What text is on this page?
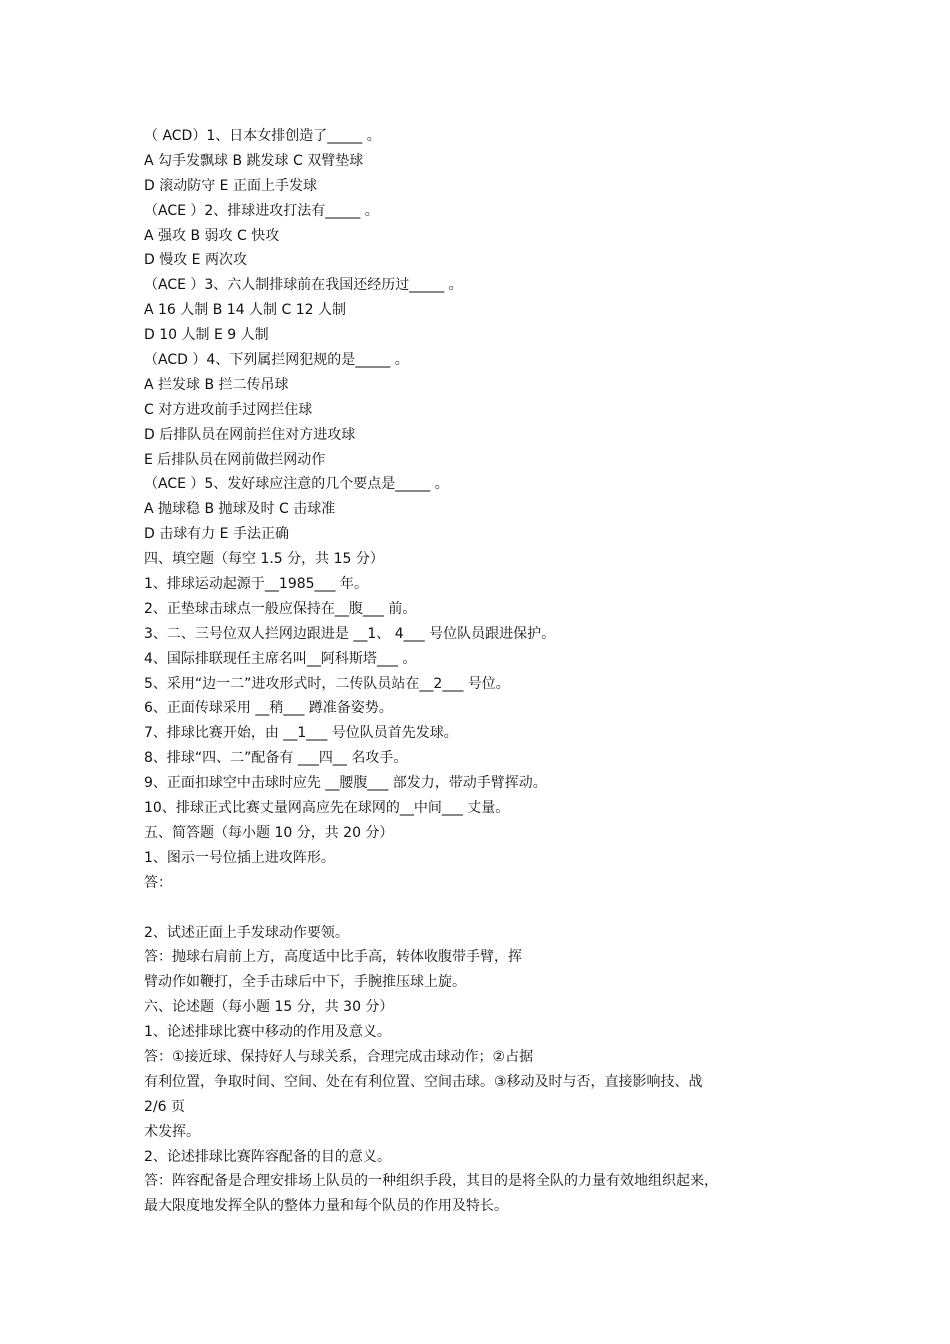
（ ACD）1、日本女排创造了_____ 。
A 勾手发飘球 B 跳发球 C 双臂垫球
D 滚动防守 E 正面上手发球
（ACE ）2、排球进攻打法有_____ 。
A 强攻 B 弱攻 C 快攻
D 慢攻 E 两次攻
（ACE ）3、六人制排球前在我国还经历过_____ 。
A 16 人制 B 14 人制 C 12 人制
D 10 人制 E 9 人制
（ACD ）4、下列属拦网犯规的是_____ 。
A 拦发球 B 拦二传吊球
C 对方进攻前手过网拦住球
D 后排队员在网前拦住对方进攻球
E 后排队员在网前做拦网动作
（ACE ）5、发好球应注意的几个要点是_____ 。
A 抛球稳 B 抛球及时 C 击球准
D 击球有力 E 手法正确
四、填空题（每空 1.5 分，共 15 分）
1、排球运动起源于__1985___ 年。
2、正垫球击球点一般应保持在__腹___ 前。
3、二、三号位双人拦网边跟进是 __1、 4___ 号位队员跟进保护。
4、国际排联现任主席名叫__阿科斯塔___ 。
5、采用“边一二”进攻形式时，二传队员站在__2___ 号位。
6、正面传球采用 __稍___ 蹲准备姿势。
7、排球比赛开始，由 __1___ 号位队员首先发球。
8、排球“四、二”配备有 ___四__ 名攻手。
9、正面扣球空中击球时应先 __腰腹___ 部发力，带动手臂挥动。
10、排球正式比赛丈量网高应先在球网的__中间___ 丈量。
五、简答题（每小题 10 分，共 20 分）
1、图示一号位插上进攻阵形。
答：
2、试述正面上手发球动作要领。
答：抛球右肩前上方，高度适中比手高，转体收腹带手臂，挥
臂动作如鞭打，全手击球后中下，手腕推压球上旋。
六、论述题（每小题 15 分，共 30 分）
1、论述排球比赛中移动的作用及意义。
答：①接近球、保持好人与球关系，合理完成击球动作；②占据
有利位置，争取时间、空间、处在有利位置、空间击球。③移动及时与否，直接影响技、战
2/6 页
术发挥。
2、论述排球比赛阵容配备的目的意义。
答：阵容配备是合理安排场上队员的一种组织手段，其目的是将全队的力量有效地组织起来，
最大限度地发挥全队的整体力量和每个队员的作用及特长。
